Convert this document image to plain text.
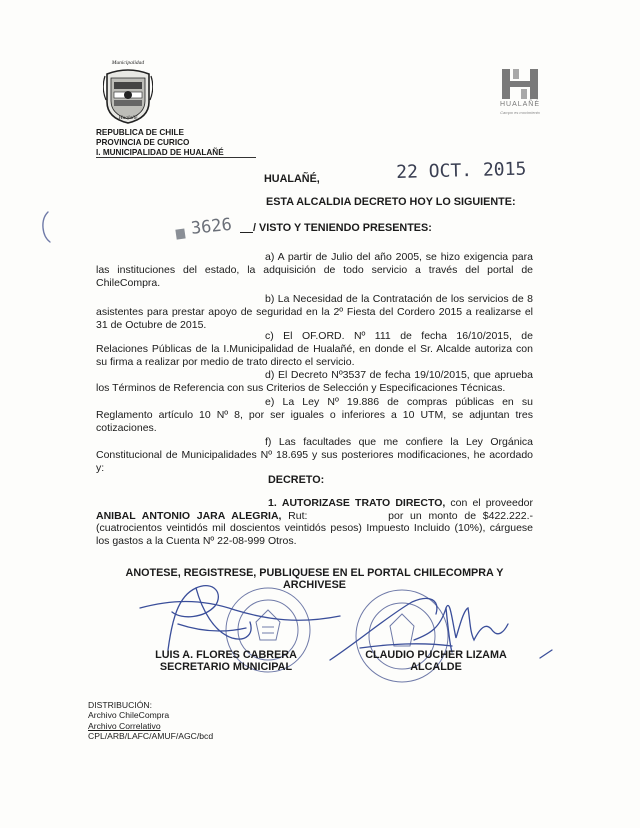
Municipalidad
Hualañé
REPUBLICA DE CHILE
PROVINCIA DE CURICO
I. MUNICIPALIDAD DE HUALAÑÉ
HUALAÑÉ
Campo es movimiento
HUALAÑÉ,	22 OCT. 2015
ESTA ALCALDIA DECRETO HOY LO SIGUIENTE:
3626 / VISTO Y TENIENDO PRESENTES:

a) A partir de Julio del año 2005, se hizo exigencia para las instituciones del estado, la adquisición de todo servicio a través del portal de ChileCompra.

b) La Necesidad de la Contratación de los servicios de 8 asistentes para prestar apoyo de seguridad en la 2º Fiesta del Cordero 2015 a realizarse el 31 de Octubre de 2015.

c) El OF.ORD. Nº 111 de fecha 16/10/2015, de Relaciones Públicas de la I.Municipalidad de Hualañé, en donde el Sr. Alcalde autoriza con su firma a realizar por medio de trato directo el servicio.

d) El Decreto Nº3537 de fecha 19/10/2015, que aprueba los Términos de Referencia con sus Criterios de Selección y Especificaciones Técnicas.

e) La Ley Nº 19.886 de compras públicas en su Reglamento artículo 10 Nº 8, por ser iguales o inferiores a 10 UTM, se adjuntan tres cotizaciones.

f) Las facultades que me confiere la Ley Orgánica Constitucional de Municipalidades Nº 18.695 y sus posteriores modificaciones, he acordado y:

DECRETO:

1. AUTORIZASE TRATO DIRECTO, con el proveedor ANIBAL ANTONIO JARA ALEGRIA, Rut:	por un monto de $422.222.- (cuatrocientos veintidós mil doscientos veintidós pesos) Impuesto Incluido (10%), cárguese los gastos a la Cuenta Nº 22-08-999 Otros.

ANOTESE, REGISTRESE, PUBLIQUESE EN EL PORTAL CHILECOMPRA Y ARCHIVESE
LUIS A. FLORES CABRERA
SECRETARIO MUNICIPAL
CLAUDIO PUCHER LIZAMA
ALCALDE
DISTRIBUCIÓN:
Archivo ChileCompra
Archivo Correlativo
CPL/ARB/LAFC/AMUF/AGC/bcd
